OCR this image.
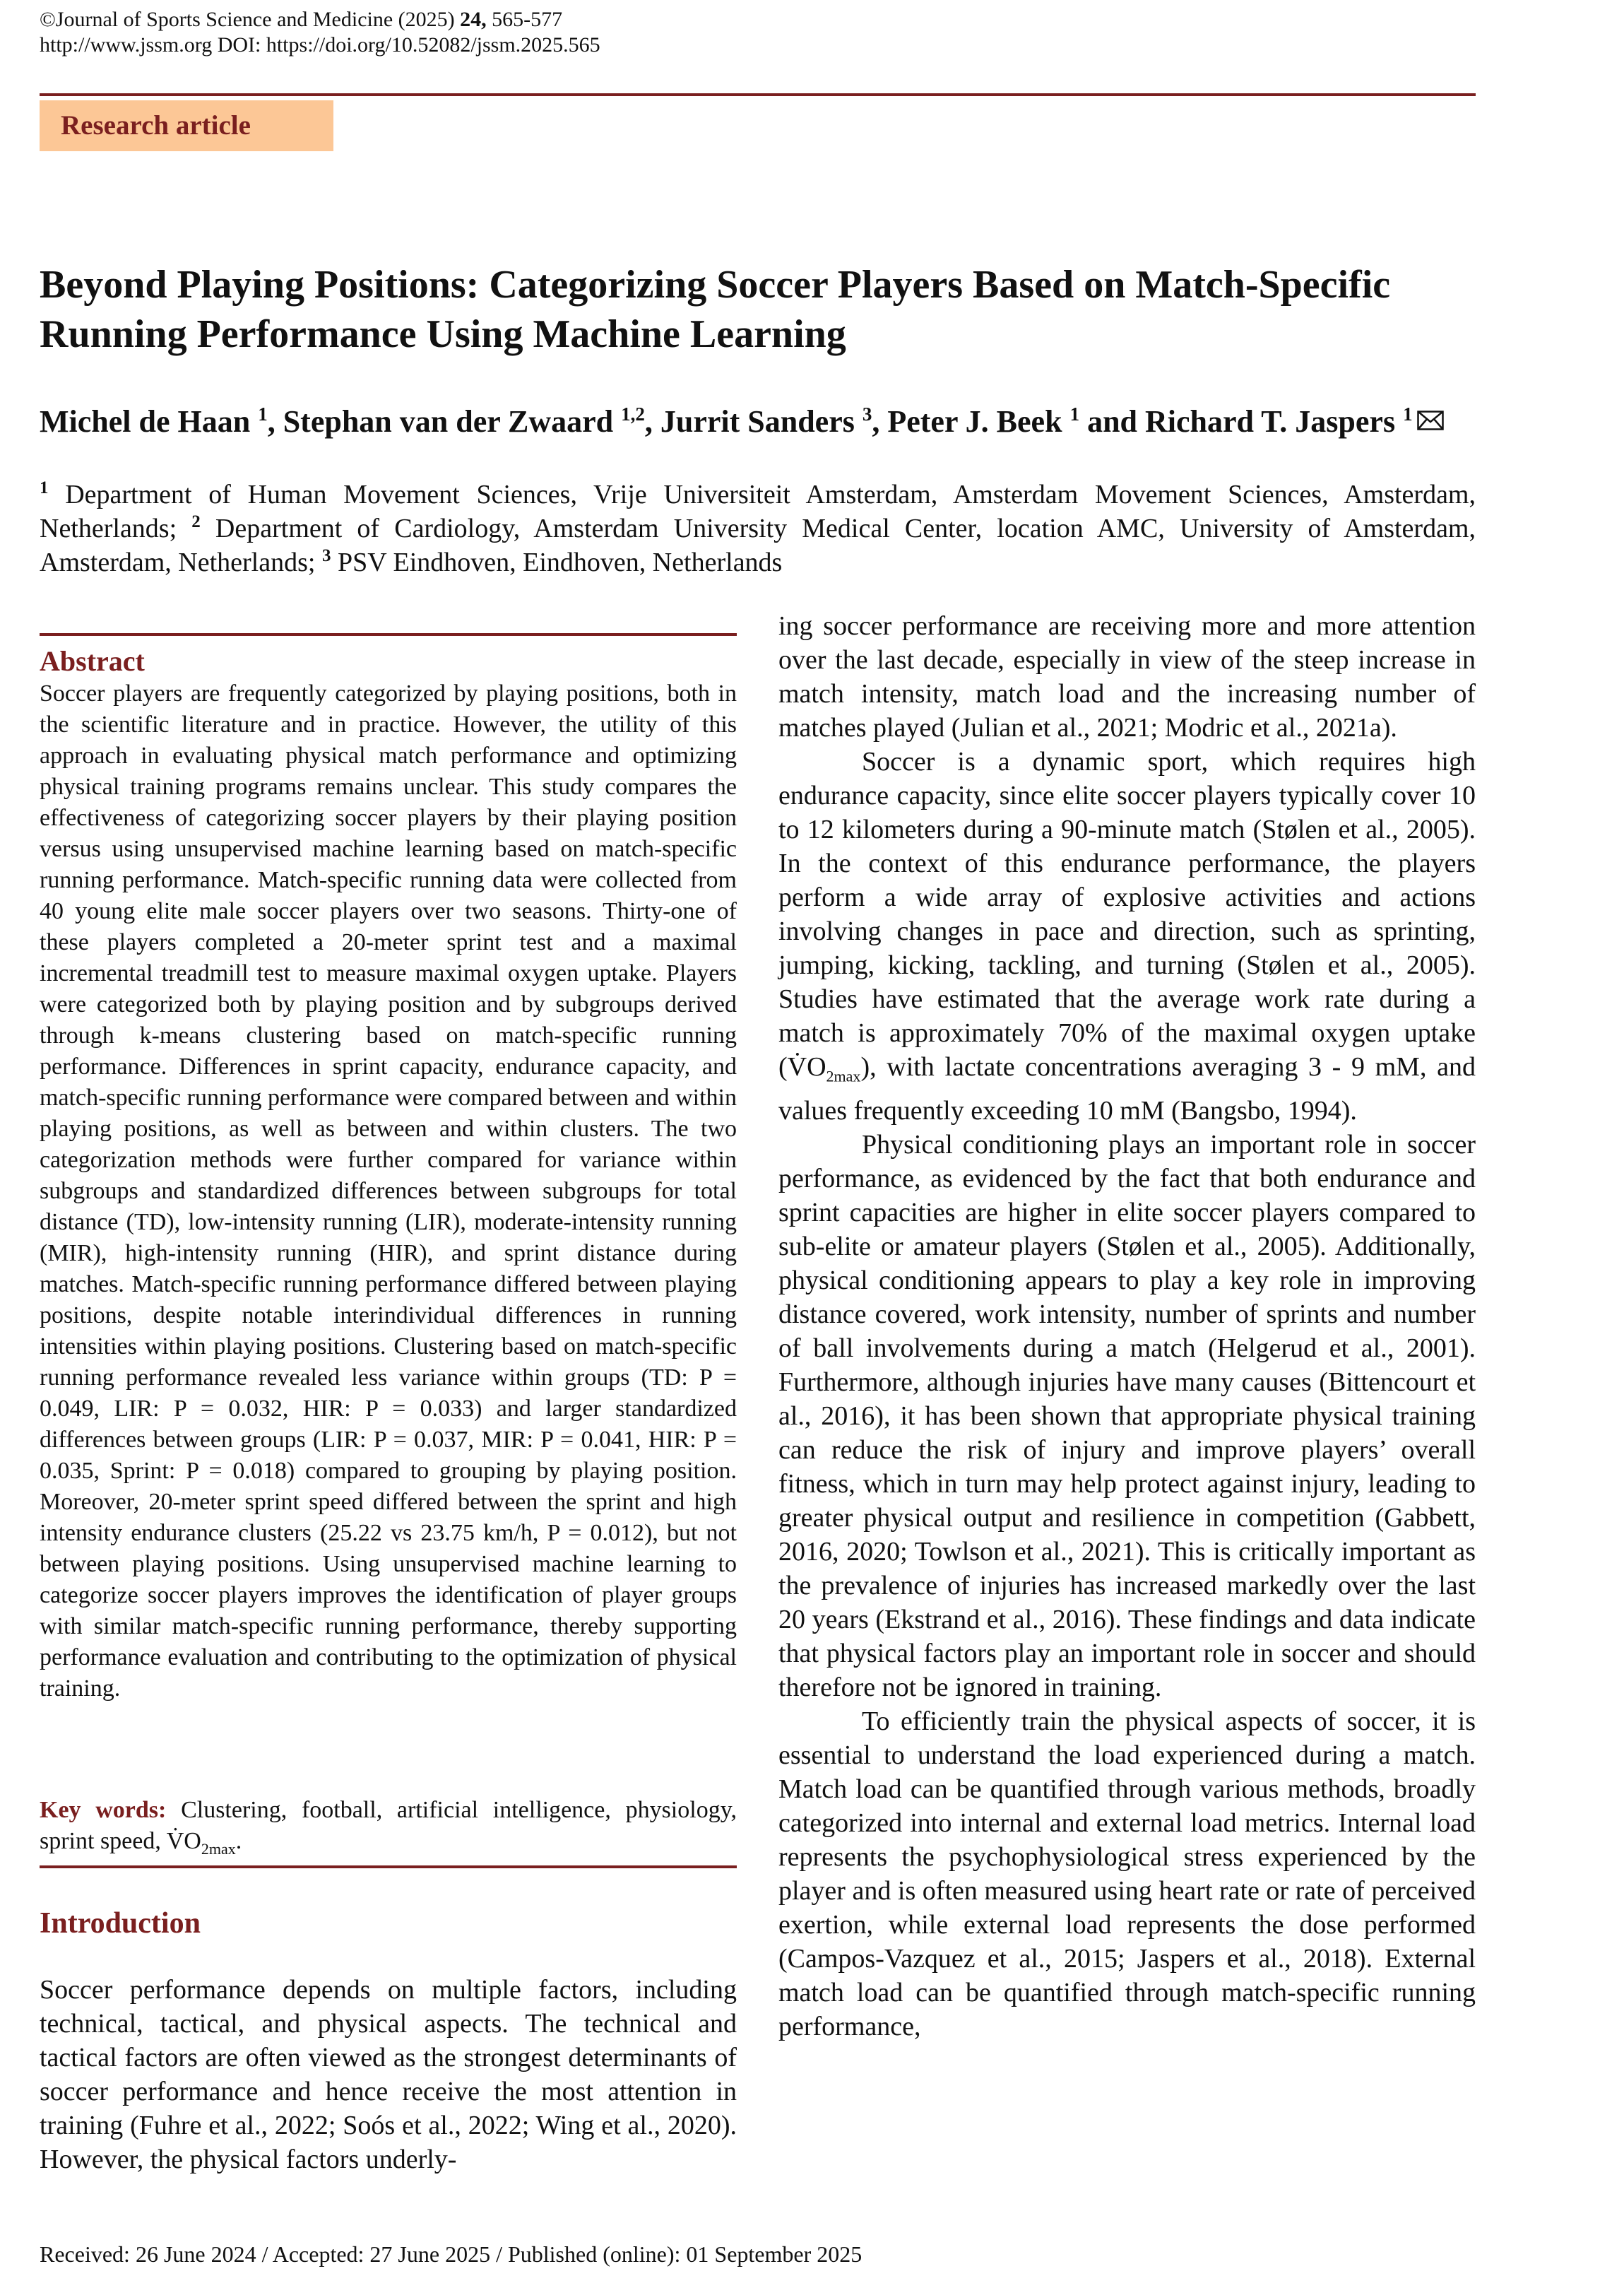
©Journal of Sports Science and Medicine (2025) 24, 565-577
http://www.jssm.org DOI: https://doi.org/10.52082/jssm.2025.565
Research article
Beyond Playing Positions: Categorizing Soccer Players Based on Match-Specific Running Performance Using Machine Learning

Michel de Haan $^1$, Stephan van der Zwaard $^{1,2}$, Jurrit Sanders $^3$, Peter J. Beek $^1$ and Richard T. Jaspers $^1$

$^1$ Department of Human Movement Sciences, Vrije Universiteit Amsterdam, Amsterdam Movement Sciences, Amsterdam, Netherlands; $^2$ Department of Cardiology, Amsterdam University Medical Center, location AMC, University of Amsterdam, Amsterdam, Netherlands; $^3$ PSV Eindhoven, Eindhoven, Netherlands

Abstract

Soccer players are frequently categorized by playing positions, both in the scientific literature and in practice. However, the utility of this approach in evaluating physical match performance and optimizing physical training programs remains unclear. This study compares the effectiveness of categorizing soccer players by their playing position versus using unsupervised machine learning based on match-specific running performance. Match-specific running data were collected from 40 young elite male soccer players over two seasons. Thirty-one of these players completed a 20-meter sprint test and a maximal incremental treadmill test to measure maximal oxygen uptake. Players were categorized both by playing position and by subgroups derived through k-means clustering based on match-specific running performance. Differences in sprint capacity, endurance capacity, and match-specific running performance were compared between and within playing positions, as well as between and within clusters. The two categorization methods were further compared for variance within subgroups and standardized differences between subgroups for total distance (TD), low-intensity running (LIR), moderate-intensity running (MIR), high-intensity running (HIR), and sprint distance during matches. Match-specific running performance differed between playing positions, despite notable interindividual differences in running intensities within playing positions. Clustering based on match-specific running performance revealed less variance within groups (TD: P = 0.049, LIR: P = 0.032, HIR: P = 0.033) and larger standardized differences between groups (LIR: P = 0.037, MIR: P = 0.041, HIR: P = 0.035, Sprint: P = 0.018) compared to grouping by playing position. Moreover, 20-meter sprint speed differed between the sprint and high intensity endurance clusters (25.22 vs 23.75 km/h, P = 0.012), but not between playing positions. Using unsupervised machine learning to categorize soccer players improves the identification of player groups with similar match-specific running performance, thereby supporting performance evaluation and contributing to the optimization of physical training.

Key words: Clustering, football, artificial intelligence, physiology, sprint speed, $V̇O_{2max}$.

Introduction

Soccer performance depends on multiple factors, including technical, tactical, and physical aspects. The technical and tactical factors are often viewed as the strongest determinants of soccer performance and hence receive the most attention in training (Fuhre et al., 2022; Soós et al., 2022; Wing et al., 2020). However, the physical factors underly-

ing soccer performance are receiving more and more attention over the last decade, especially in view of the steep increase in match intensity, match load and the increasing number of matches played (Julian et al., 2021; Modric et al., 2021a).

Soccer is a dynamic sport, which requires high endurance capacity, since elite soccer players typically cover 10 to 12 kilometers during a 90-minute match (Stølen et al., 2005). In the context of this endurance performance, the players perform a wide array of explosive activities and actions involving changes in pace and direction, such as sprinting, jumping, kicking, tackling, and turning (Stølen et al., 2005). Studies have estimated that the average work rate during a match is approximately 70% of the maximal oxygen uptake $(V̇O_{2max})$, with lactate concentrations averaging 3 - 9 mM, and values frequently exceeding 10 mM (Bangsbo, 1994).

Physical conditioning plays an important role in soccer performance, as evidenced by the fact that both endurance and sprint capacities are higher in elite soccer players compared to sub-elite or amateur players (Stølen et al., 2005). Additionally, physical conditioning appears to play a key role in improving distance covered, work intensity, number of sprints and number of ball involvements during a match (Helgerud et al., 2001). Furthermore, although injuries have many causes (Bittencourt et al., 2016), it has been shown that appropriate physical training can reduce the risk of injury and improve players’ overall fitness, which in turn may help protect against injury, leading to greater physical output and resilience in competition (Gabbett, 2016, 2020; Towlson et al., 2021). This is critically important as the prevalence of injuries has increased markedly over the last 20 years (Ekstrand et al., 2016). These findings and data indicate that physical factors play an important role in soccer and should therefore not be ignored in training.

To efficiently train the physical aspects of soccer, it is essential to understand the load experienced during a match. Match load can be quantified through various methods, broadly categorized into internal and external load metrics. Internal load represents the psychophysiological stress experienced by the player and is often measured using heart rate or rate of perceived exertion, while external load represents the dose performed (Campos-Vazquez et al., 2015; Jaspers et al., 2018). External match load can be quantified through match-specific running performance,

Received: 26 June 2024 / Accepted: 27 June 2025 / Published (online): 01 September 2025
